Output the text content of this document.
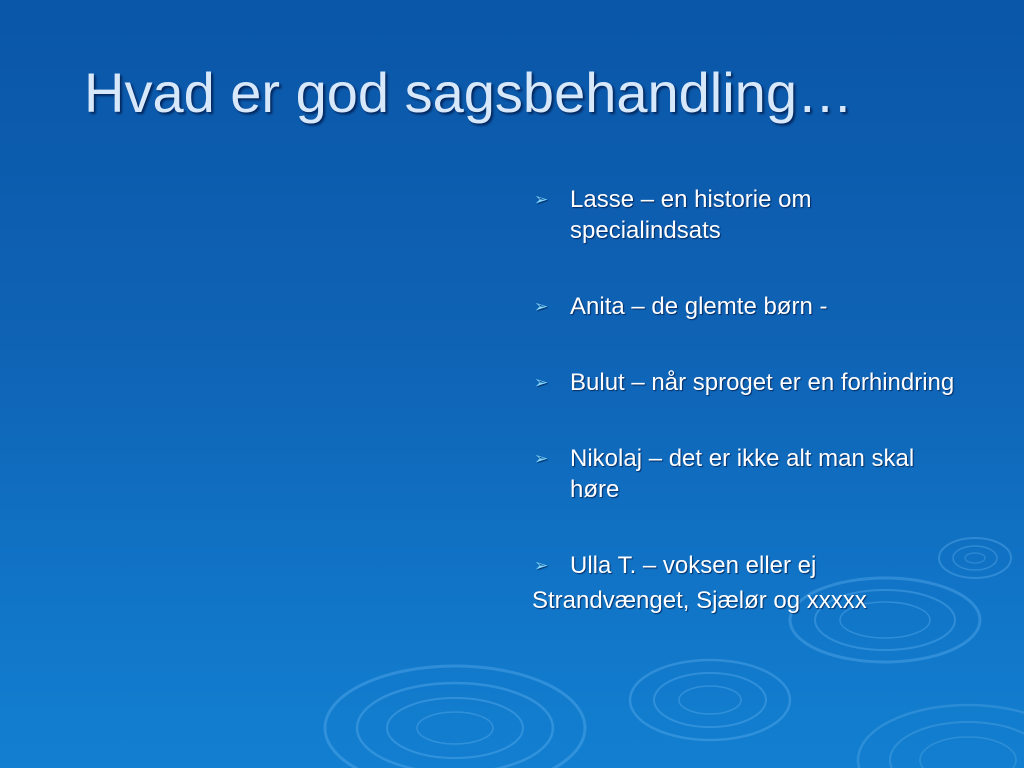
Hvad er god sagsbehandling…
➢ Lasse – en historie om specialindsats
➢ Anita – de glemte børn -
➢ Bulut – når sproget er en forhindring
➢ Nikolaj – det er ikke alt man skal høre
➢ Ulla T. – voksen eller ej
Strandvænget, Sjælør og xxxxx
